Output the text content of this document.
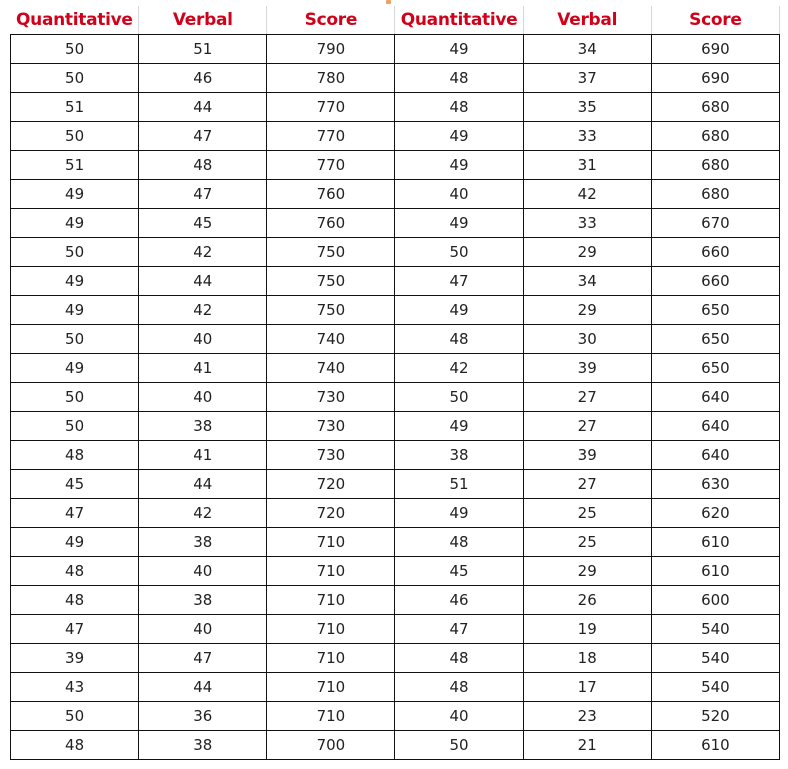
Quantitative	Verbal	Score	Quantitative	Verbal	Score
50	51	790	49	34	690
50	46	780	48	37	690
51	44	770	48	35	680
50	47	770	49	33	680
51	48	770	49	31	680
49	47	760	40	42	680
49	45	760	49	33	670
50	42	750	50	29	660
49	44	750	47	34	660
49	42	750	49	29	650
50	40	740	48	30	650
49	41	740	42	39	650
50	40	730	50	27	640
50	38	730	49	27	640
48	41	730	38	39	640
45	44	720	51	27	630
47	42	720	49	25	620
49	38	710	48	25	610
48	40	710	45	29	610
48	38	710	46	26	600
47	40	710	47	19	540
39	47	710	48	18	540
43	44	710	48	17	540
50	36	710	40	23	520
48	38	700	50	21	610
